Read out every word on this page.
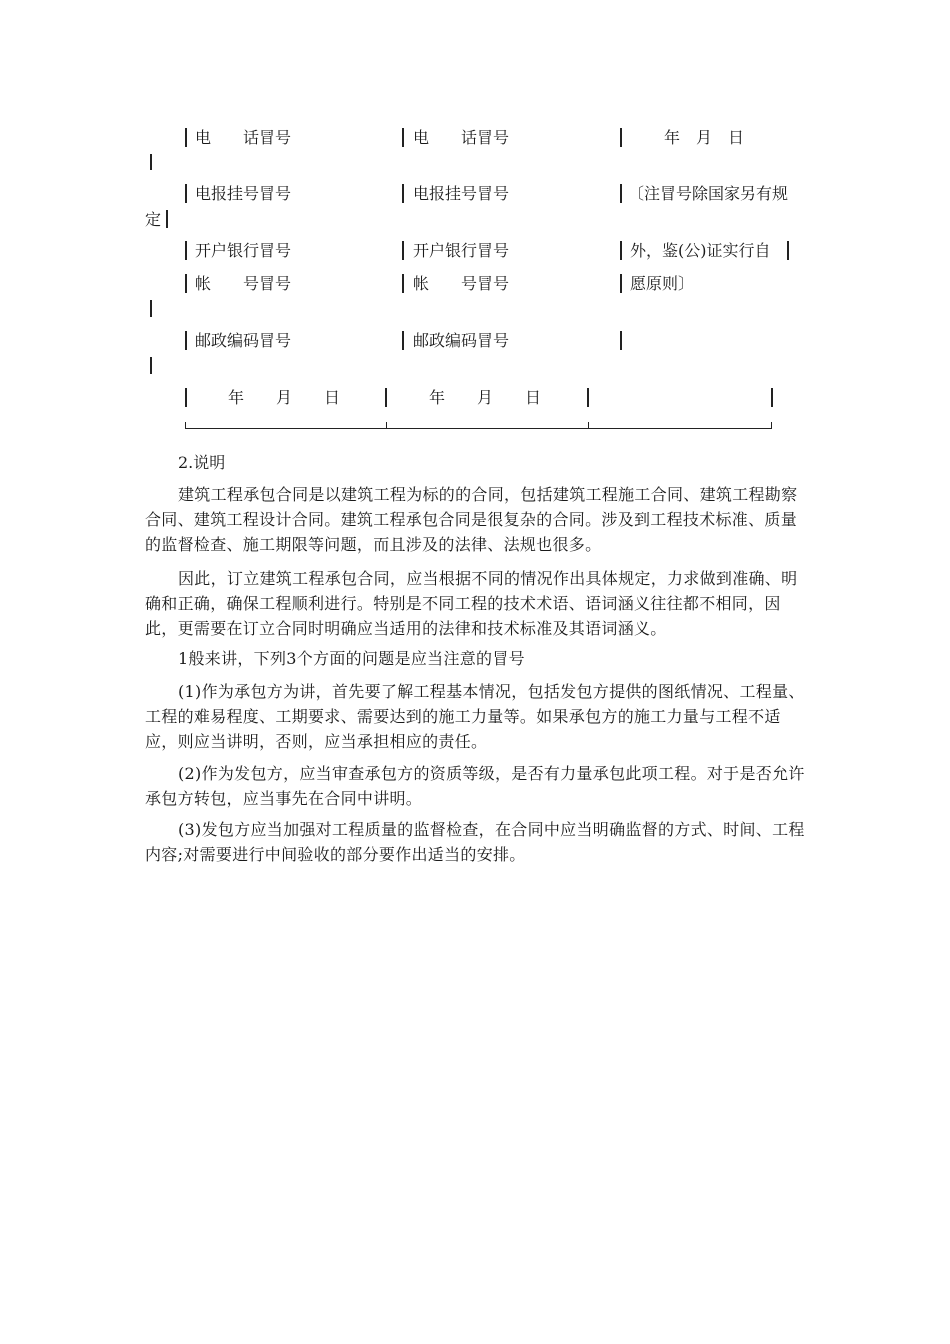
电　　话冒号	电　　话冒号	　　年　月　日
电报挂号冒号	电报挂号冒号	〔注冒号除国家另有规
定
开户银行冒号	开户银行冒号	外，鉴(公)证实行自
帐　　号冒号	帐　　号冒号	愿原则〕
邮政编码冒号	邮政编码冒号
年　　月　　日	年　　月　　日
2.说明

建筑工程承包合同是以建筑工程为标的的合同，包括建筑工程施工合同、建筑工程勘察合同、建筑工程设计合同。建筑工程承包合同是很复杂的合同。涉及到工程技术标准、质量的监督检查、施工期限等问题，而且涉及的法律、法规也很多。

因此，订立建筑工程承包合同，应当根据不同的情况作出具体规定，力求做到准确、明确和正确，确保工程顺利进行。特别是不同工程的技术术语、语词涵义往往都不相同，因此，更需要在订立合同时明确应当适用的法律和技术标准及其语词涵义。

1般来讲，下列3个方面的问题是应当注意的冒号

(1)作为承包方为讲，首先要了解工程基本情况，包括发包方提供的图纸情况、工程量、工程的难易程度、工期要求、需要达到的施工力量等。如果承包方的施工力量与工程不适应，则应当讲明，否则，应当承担相应的责任。

(2)作为发包方，应当审查承包方的资质等级，是否有力量承包此项工程。对于是否允许承包方转包，应当事先在合同中讲明。

(3)发包方应当加强对工程质量的监督检查，在合同中应当明确监督的方式、时间、工程内容;对需要进行中间验收的部分要作出适当的安排。
